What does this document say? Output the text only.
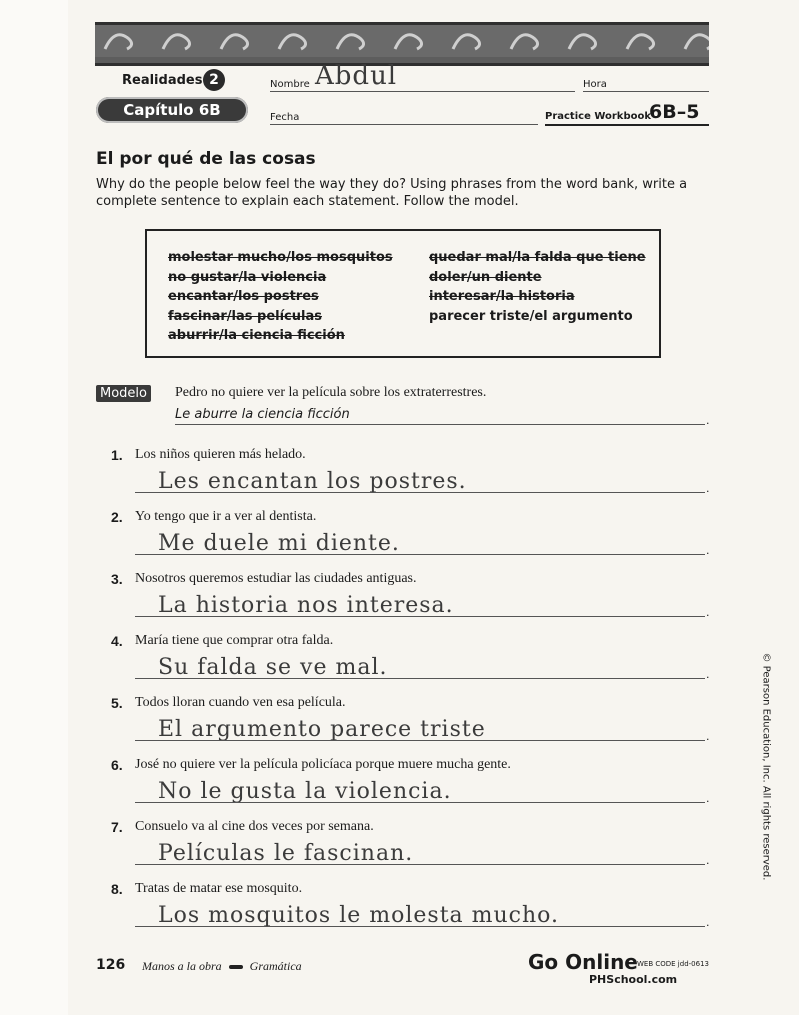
Realidades 2
Capítulo 6B
Nombre Abdul	Hora
Fecha	Practice Workbook
6B–5
El por qué de las cosas
Why do the people below feel the way they do? Using phrases from the word bank, write a complete sentence to explain each statement. Follow the model.
molestar mucho/los mosquitos
no gustar/la violencia
encantar/los postres
fascinar/las películas
aburrir/la ciencia ficción
quedar mal/la falda que tiene
doler/un diente
interesar/la historia
parecer triste/el argumento
Modelo Pedro no quiere ver la película sobre los extraterrestres.
Le aburre la ciencia ficción	.
1. Los niños quieren más helado.
Les encantan los postres.	.
2. Yo tengo que ir a ver al dentista.
Me duele mi diente.	.
3. Nosotros queremos estudiar las ciudades antiguas.
La historia nos interesa.	.
4. María tiene que comprar otra falda.
Su falda se ve mal.	.
5. Todos lloran cuando ven esa película.
El argumento parece triste	.
6. José no quiere ver la película policíaca porque muere mucha gente.
No le gusta la violencia.	.
7. Consuelo va al cine dos veces por semana.
Películas le fascinan.	.
8. Tratas de matar ese mosquito.
Los mosquitos le molesta mucho.	.
© Pearson Education, Inc. All rights reserved.
126 Manos a la obra Gramática	Go Online WEB CODE jdd-0613
PHSchool.com
